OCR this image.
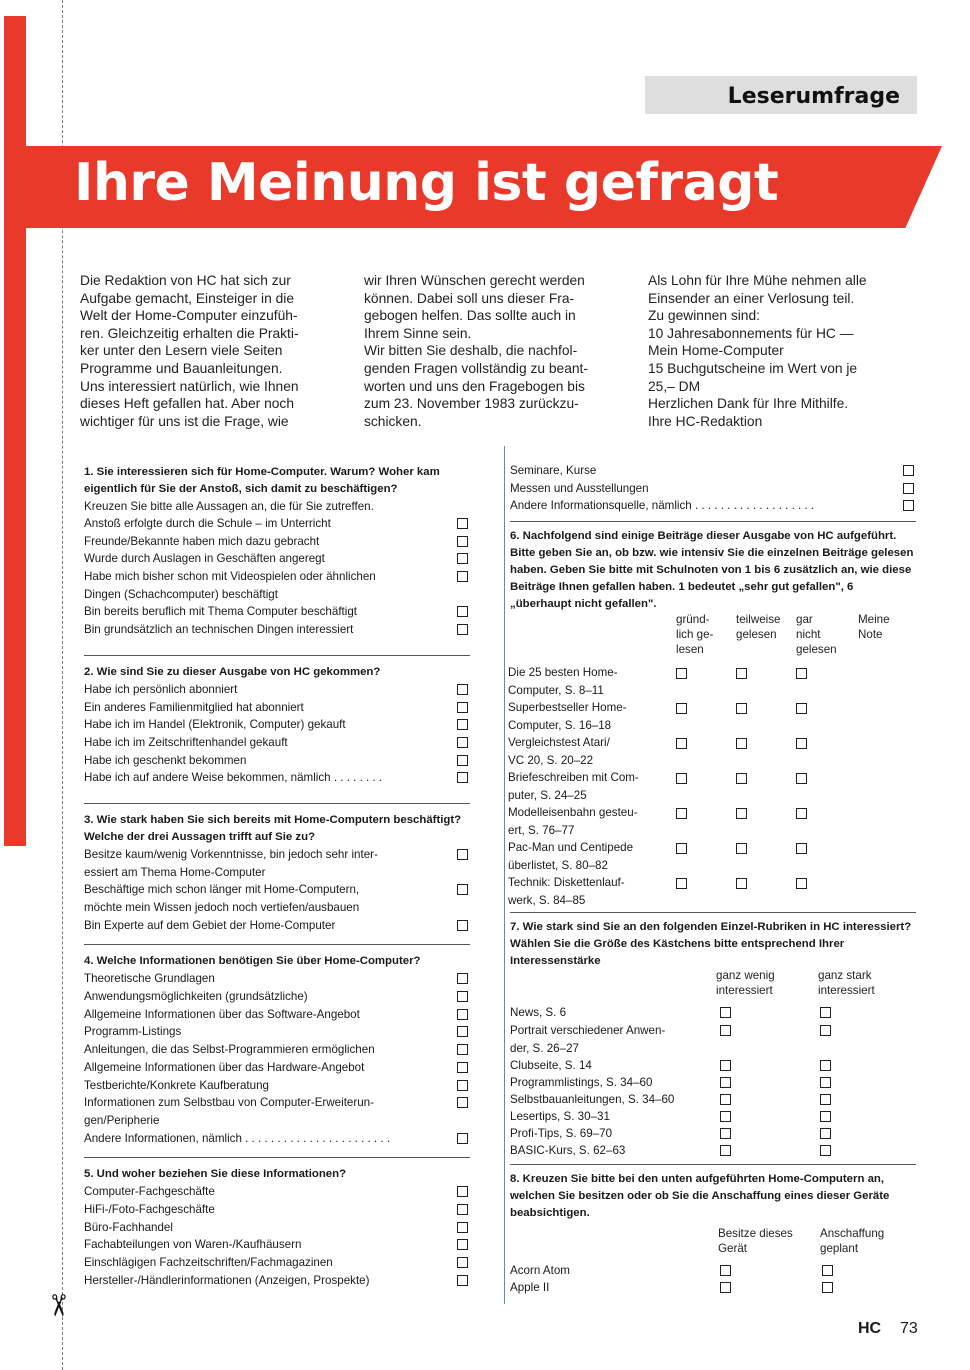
✂
Leserumfrage
Ihre Meinung ist gefragt
Die Redaktion von HC hat sich zur
Aufgabe gemacht, Einsteiger in die
Welt der Home-Computer einzufüh-
ren. Gleichzeitig erhalten die Prakti-
ker unter den Lesern viele Seiten
Programme und Bauanleitungen.
Uns interessiert natürlich, wie Ihnen
dieses Heft gefallen hat. Aber noch
wichtiger für uns ist die Frage, wie
wir Ihren Wünschen gerecht werden
können. Dabei soll uns dieser Fra-
gebogen helfen. Das sollte auch in
Ihrem Sinne sein.
Wir bitten Sie deshalb, die nachfol-
genden Fragen vollständig zu beant-
worten und uns den Fragebogen bis
zum 23. November 1983 zurückzu-
schicken.
Als Lohn für Ihre Mühe nehmen alle
Einsender an einer Verlosung teil.
Zu gewinnen sind:
10 Jahresabonnements für HC —
Mein Home-Computer
15 Buchgutscheine im Wert von je
25,– DM
Herzlichen Dank für Ihre Mithilfe.
Ihre HC-Redaktion
1. Sie interessieren sich für Home-Computer. Warum? Woher kam eigentlich für Sie der Anstoß, sich damit zu beschäftigen?
Kreuzen Sie bitte alle Aussagen an, die für Sie zutreffen.
Anstoß erfolgte durch die Schule – im Unterricht
Freunde/Bekannte haben mich dazu gebracht
Wurde durch Auslagen in Geschäften angeregt
Habe mich bisher schon mit Videospielen oder ähnlichen
Dingen (Schachcomputer) beschäftigt
Bin bereits beruflich mit Thema Computer beschäftigt
Bin grundsätzlich an technischen Dingen interessiert
2. Wie sind Sie zu dieser Ausgabe von HC gekommen?
Habe ich persönlich abonniert
Ein anderes Familienmitglied hat abonniert
Habe ich im Handel (Elektronik, Computer) gekauft
Habe ich im Zeitschriftenhandel gekauft
Habe ich geschenkt bekommen
Habe ich auf andere Weise bekommen, nämlich . . . . . . . .
3. Wie stark haben Sie sich bereits mit Home-Computern beschäftigt? Welche der drei Aussagen trifft auf Sie zu?
Besitze kaum/wenig Vorkenntnisse, bin jedoch sehr inter-
essiert am Thema Home-Computer
Beschäftige mich schon länger mit Home-Computern,
möchte mein Wissen jedoch noch vertiefen/ausbauen
Bin Experte auf dem Gebiet der Home-Computer
4. Welche Informationen benötigen Sie über Home-Computer?
Theoretische Grundlagen
Anwendungsmöglichkeiten (grundsätzliche)
Allgemeine Informationen über das Software-Angebot
Programm-Listings
Anleitungen, die das Selbst-Programmieren ermöglichen
Allgemeine Informationen über das Hardware-Angebot
Testberichte/Konkrete Kaufberatung
Informationen zum Selbstbau von Computer-Erweiterun-
gen/Peripherie
Andere Informationen, nämlich . . . . . . . . . . . . . . . . . . . . . . .
5. Und woher beziehen Sie diese Informationen?
Computer-Fachgeschäfte
HiFi-/Foto-Fachgeschäfte
Büro-Fachhandel
Fachabteilungen von Waren-/Kaufhäusern
Einschlägigen Fachzeitschriften/Fachmagazinen
Hersteller-/Händlerinformationen (Anzeigen, Prospekte)
Seminare, Kurse
Messen und Ausstellungen
Andere Informationsquelle, nämlich . . . . . . . . . . . . . . . . . . .
6. Nachfolgend sind einige Beiträge dieser Ausgabe von HC aufgeführt. Bitte geben Sie an, ob bzw. wie intensiv Sie die einzelnen Beiträge gelesen haben. Geben Sie bitte mit Schulnoten von 1 bis 6 zusätzlich an, wie diese Beiträge Ihnen gefallen haben. 1 bedeutet „sehr gut gefallen", 6 „überhaupt nicht gefallen".
gründ-
lich ge-
lesen
teilweise
gelesen
gar
nicht
gelesen
Meine
Note
Die 25 besten Home-
Computer, S. 8–11
Superbestseller Home-
Computer, S. 16–18
Vergleichstest Atari/
VC 20, S. 20–22
Briefeschreiben mit Com-
puter, S. 24–25
Modelleisenbahn gesteu-
ert, S. 76–77
Pac-Man und Centipede
überlistet, S. 80–82
Technik: Diskettenlauf-
werk, S. 84–85
7. Wie stark sind Sie an den folgenden Einzel-Rubriken in HC interessiert? Wählen Sie die Größe des Kästchens bitte entsprechend Ihrer Interessenstärke
ganz wenig
interessiert
ganz stark
interessiert
News, S. 6
Portrait verschiedener Anwen-
der, S. 26–27
Clubseite, S. 14
Programmlistings, S. 34–60
Selbstbauanleitungen, S. 34–60
Lesertips, S. 30–31
Profi-Tips, S. 69–70
BASIC-Kurs, S. 62–63
8. Kreuzen Sie bitte bei den unten aufgeführten Home-Computern an, welchen Sie besitzen oder ob Sie die Anschaffung eines dieser Geräte beabsichtigen.
Besitze dieses
Gerät
Anschaffung
geplant
Acorn Atom
Apple II
HC 73
